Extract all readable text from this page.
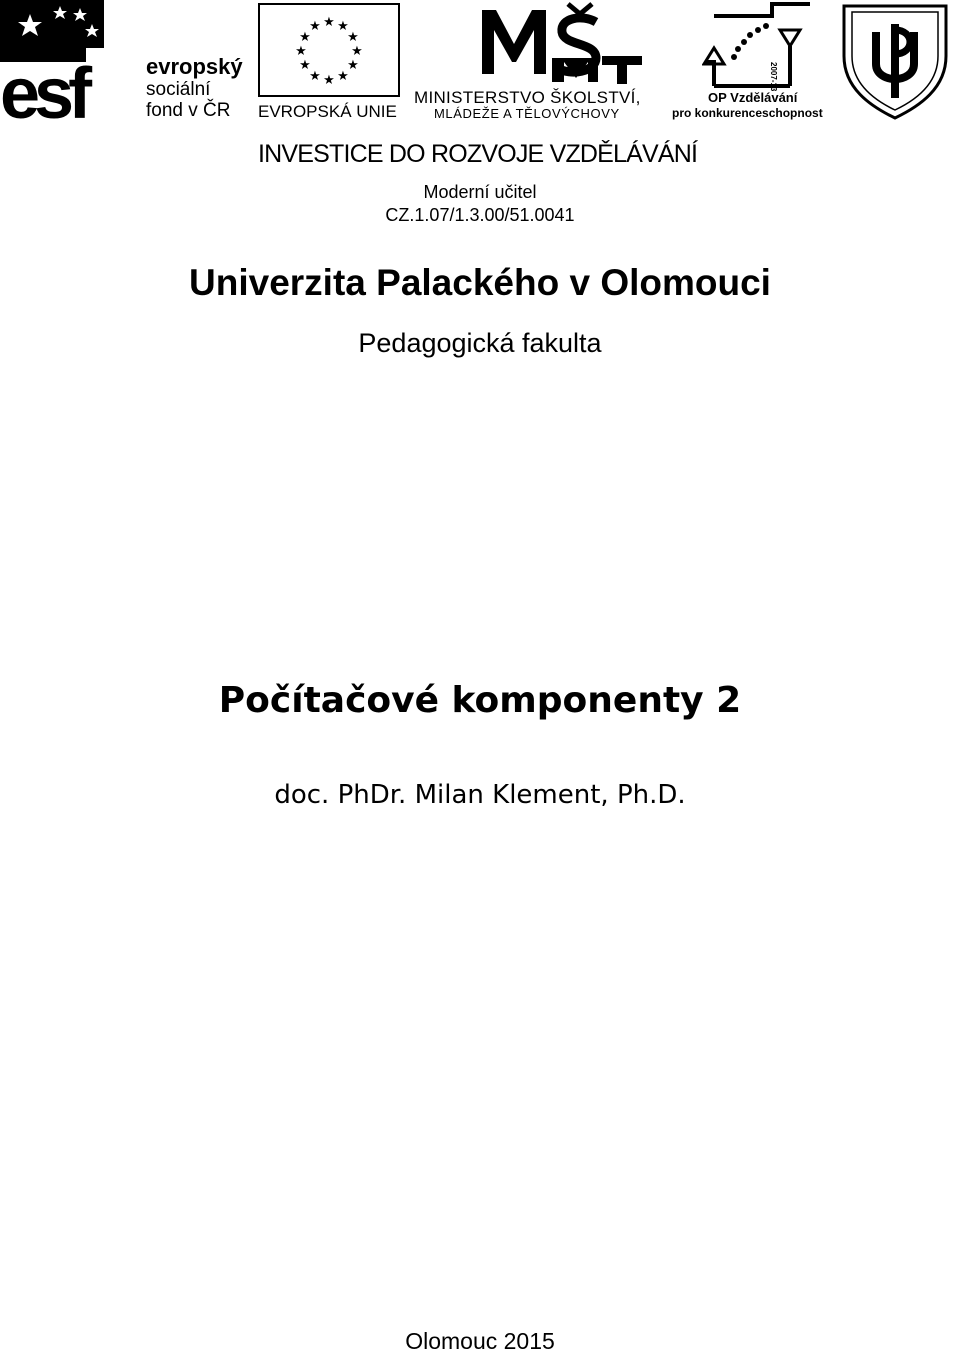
esf	evropský
sociální
fond v ČR
★ ★
★
★
★
★
★
★
★
★
★
★
EVROPSKÁ UNIE
MINISTERSTVO ŠKOLSTVÍ,
MLÁDEŽE A TĚLOVÝCHOVY
2007-13
OP Vzdělávání
pro konkurenceschopnost
INVESTICE DO ROZVOJE VZDĚLÁVÁNÍ
Moderní učitel
CZ.1.07/1.3.00/51.0041
Univerzita Palackého v Olomouci
Pedagogická fakulta
Počítačové komponenty 2
doc. PhDr. Milan Klement, Ph.D.
Olomouc 2015
